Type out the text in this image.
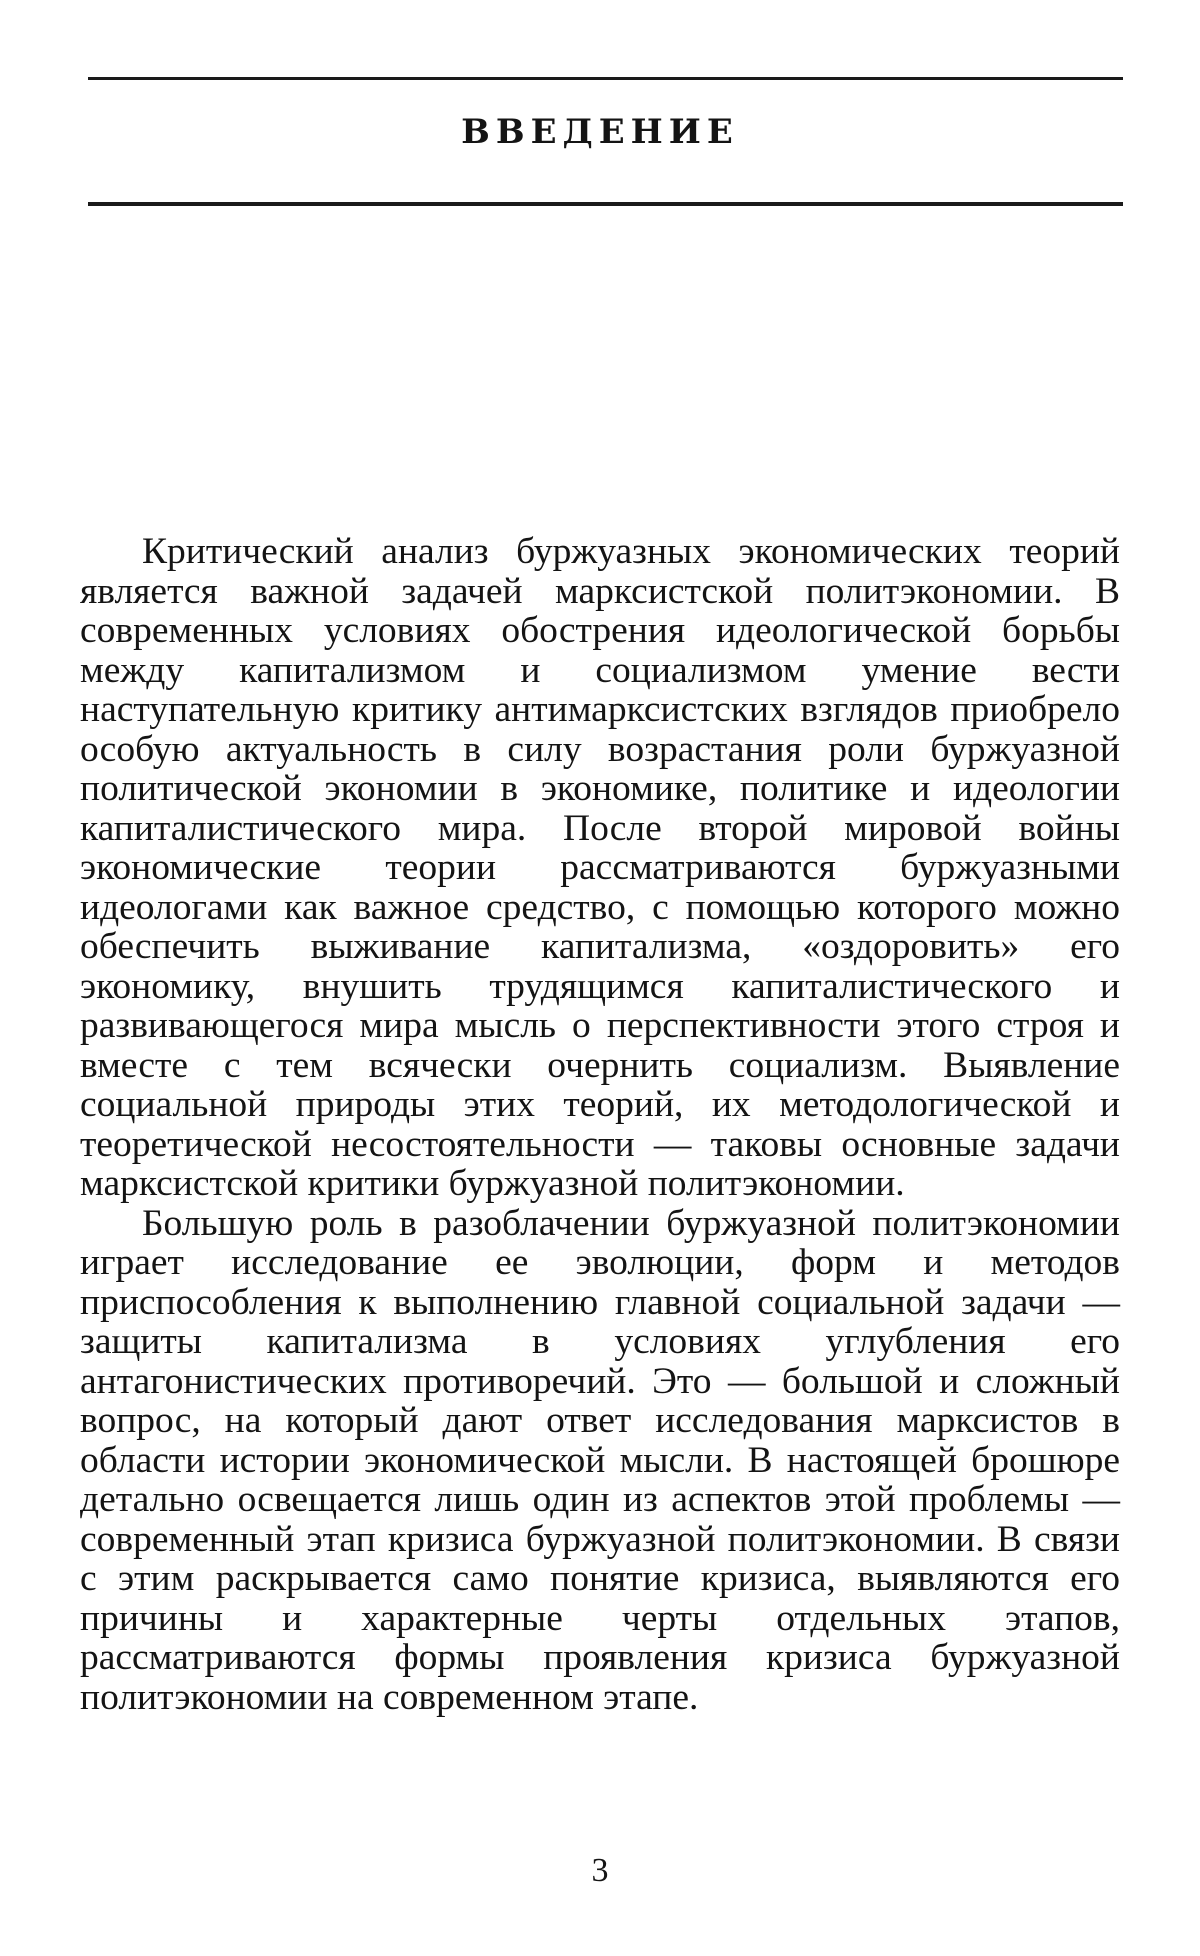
ВВЕДЕНИЕ

Критический анализ буржуазных экономических теорий является важной задачей марксистской политэкономии. В современных условиях обострения идеологической борьбы между капитализмом и социализмом умение вести наступательную критику антимарксистских взглядов приобрело особую актуальность в силу возрастания роли буржуазной политической экономии в экономике, политике и идеологии капиталистического мира. После второй мировой войны экономические теории рассматриваются буржуазными идеологами как важное средство, с помощью которого можно обеспечить выживание капитализма, «оздоровить» его экономику, внушить трудящимся капиталистического и развивающегося мира мысль о перспективности этого строя и вместе с тем всячески очернить социализм. Выявление социальной природы этих теорий, их методологической и теоретической несостоятельности — таковы основные задачи марксистской критики буржуазной политэкономии.

Большую роль в разоблачении буржуазной политэкономии играет исследование ее эволюции, форм и методов приспособления к выполнению главной социальной задачи — защиты капитализма в условиях углубления его антагонистических противоречий. Это — большой и сложный вопрос, на который дают ответ исследования марксистов в области истории экономической мысли. В настоящей брошюре детально освещается лишь один из аспектов этой проблемы — современный этап кризиса буржуазной политэкономии. В связи с этим раскрывается само понятие кризиса, выявляются его причины и характерные черты отдельных этапов, рассматриваются формы проявления кризиса буржуазной политэкономии на современном этапе.

3
